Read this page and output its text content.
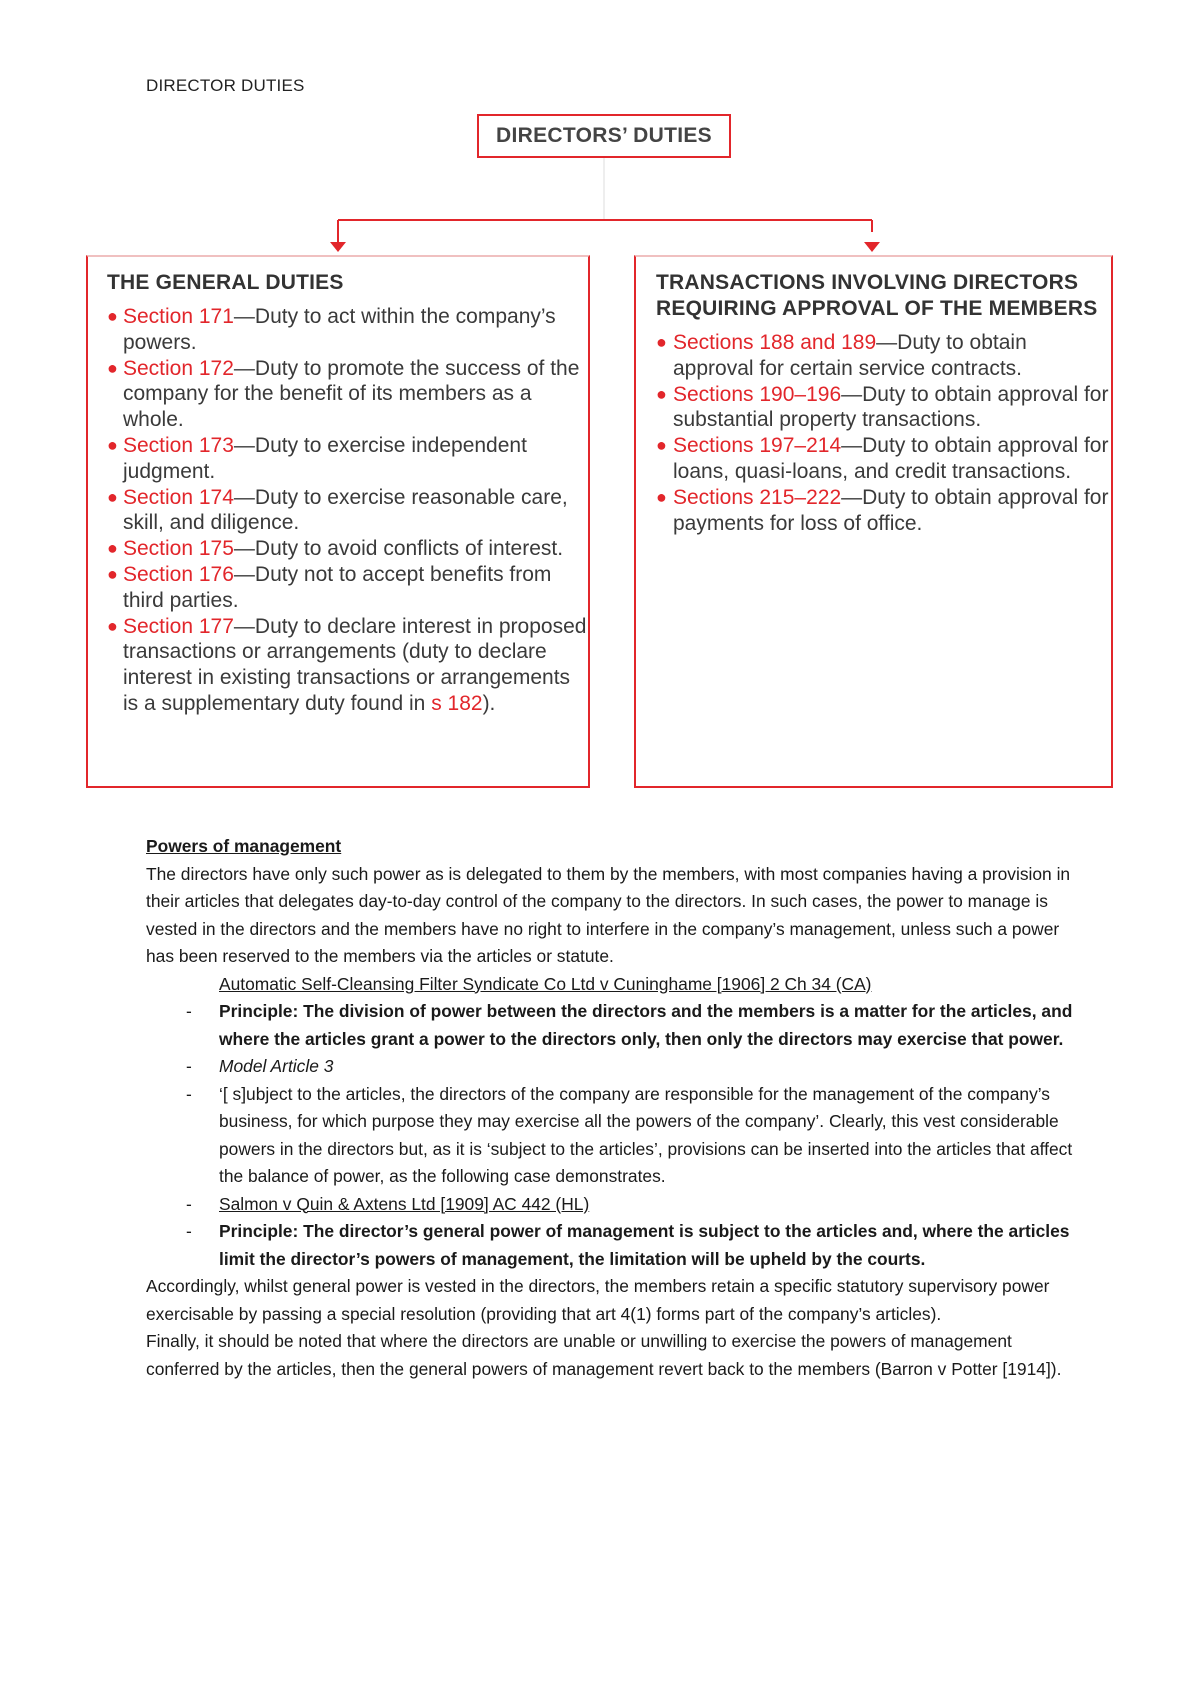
DIRECTOR DUTIES
DIRECTORS’ DUTIES
THE GENERAL DUTIES
● Section 171—Duty to act within the company’s powers.
● Section 172—Duty to promote the success of the company for the benefit of its members as a whole.
● Section 173—Duty to exercise independent judgment.
● Section 174—Duty to exercise reasonable care, skill, and diligence.
● Section 175—Duty to avoid conflicts of interest.
● Section 176—Duty not to accept benefits from third parties.
● Section 177—Duty to declare interest in proposed transactions or arrangements (duty to declare interest in existing transactions or arrangements is a supplementary duty found in s 182).
TRANSACTIONS INVOLVING DIRECTORS REQUIRING APPROVAL OF THE MEMBERS
● Sections 188 and 189—Duty to obtain approval for certain service contracts.
● Sections 190–196—Duty to obtain approval for substantial property transactions.
● Sections 197–214—Duty to obtain approval for loans, quasi-loans, and credit transactions.
● Sections 215–222—Duty to obtain approval for payments for loss of office.

Powers of management

The directors have only such power as is delegated to them by the members, with most companies having a provision in their articles that delegates day-to-day control of the company to the directors. In such cases, the power to manage is vested in the directors and the members have no right to interfere in the company’s management, unless such a power has been reserved to the members via the articles or statute.

Automatic Self-Cleansing Filter Syndicate Co Ltd v Cuninghame [1906] 2 Ch 34 (CA)

- Principle: The division of power between the directors and the members is a matter for the articles, and where the articles grant a power to the directors only, then only the directors may exercise that power.
- Model Article 3
- ‘[ s]ubject to the articles, the directors of the company are responsible for the management of the company’s business, for which purpose they may exercise all the powers of the company’. Clearly, this vest considerable powers in the directors but, as it is ‘subject to the articles’, provisions can be inserted into the articles that affect the balance of power, as the following case demonstrates.
- Salmon v Quin & Axtens Ltd [1909] AC 442 (HL)
- Principle: The director’s general power of management is subject to the articles and, where the articles limit the director’s powers of management, the limitation will be upheld by the courts.

Accordingly, whilst general power is vested in the directors, the members retain a specific statutory supervisory power exercisable by passing a special resolution (providing that art 4(1) forms part of the company’s articles).

Finally, it should be noted that where the directors are unable or unwilling to exercise the powers of management conferred by the articles, then the general powers of management revert back to the members (Barron v Potter [1914]).
